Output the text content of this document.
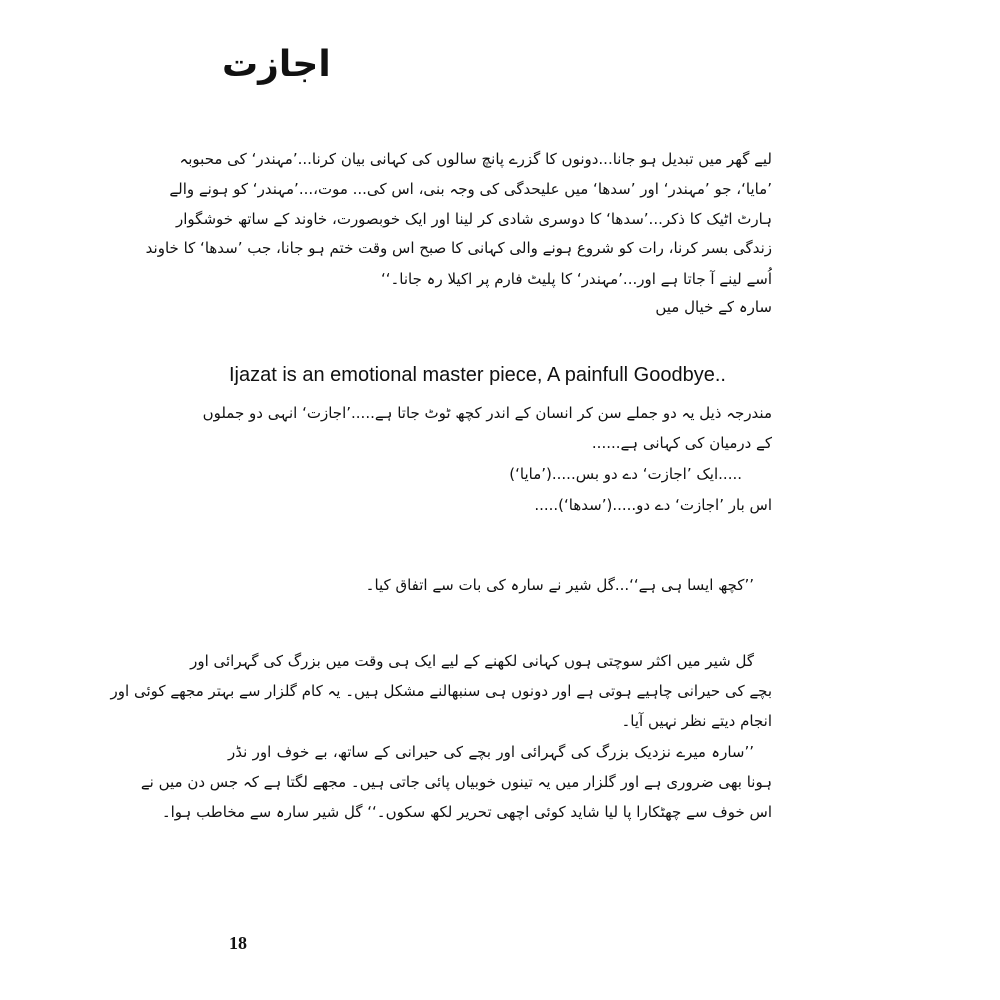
اجازت
لیے گھر میں تبدیل ہو جانا...دونوں کا گزرے پانچ سالوں کی کہانی بیان کرنا...’مہندر‘ کی محبوبہ
’مایا‘، جو ’مہندر‘ اور ’سدھا‘ میں علیحدگی کی وجہ بنی، اس کی... موت،...’مہندر‘ کو ہونے والے
ہارٹ اٹیک کا ذکر...’سدھا‘ کا دوسری شادی کر لینا اور ایک خوبصورت، خاوند کے ساتھ خوشگوار
زندگی بسر کرنا، رات کو شروع ہونے والی کہانی کا صبح اس وقت ختم ہو جانا، جب ’سدھا‘ کا خاوند
اُسے لینے آ جاتا ہے اور...’مہندر‘ کا پلیٹ فارم پر اکیلا رہ جانا۔‘‘
سارہ کے خیال میں
Ijazat is an emotional master piece, A painfull Goodbye..
مندرجہ ذیل یہ دو جملے سن کر انسان کے اندر کچھ ٹوٹ جاتا ہے.....’اجازت‘ انہی دو جملوں
کے درمیان کی کہانی ہے......
.....ایک ’اجازت‘ دے دو بس.....(’مایا‘)
اس بار ’اجازت‘ دے دو.....(’سدھا‘).....
’’کچھ ایسا ہی ہے‘‘...گل شیر نے سارہ کی بات سے اتفاق کیا۔
گل شیر میں اکثر سوچتی ہوں کہانی لکھنے کے لیے ایک ہی وقت میں بزرگ کی گہرائی اور
بچے کی حیرانی چاہیے ہوتی ہے اور دونوں ہی سنبھالنے مشکل ہیں۔ یہ کام گلزار سے بہتر مجھے کوئی اور
انجام دیتے نظر نہیں آیا۔
’’سارہ میرے نزدیک بزرگ کی گہرائی اور بچے کی حیرانی کے ساتھ، بے خوف اور نڈر
ہونا بھی ضروری ہے اور گلزار میں یہ تینوں خوبیاں پائی جاتی ہیں۔ مجھے لگتا ہے کہ جس دن میں نے
اس خوف سے چھٹکارا پا لیا شاید کوئی اچھی تحریر لکھ سکوں۔‘‘ گل شیر سارہ سے مخاطب ہوا۔
18
